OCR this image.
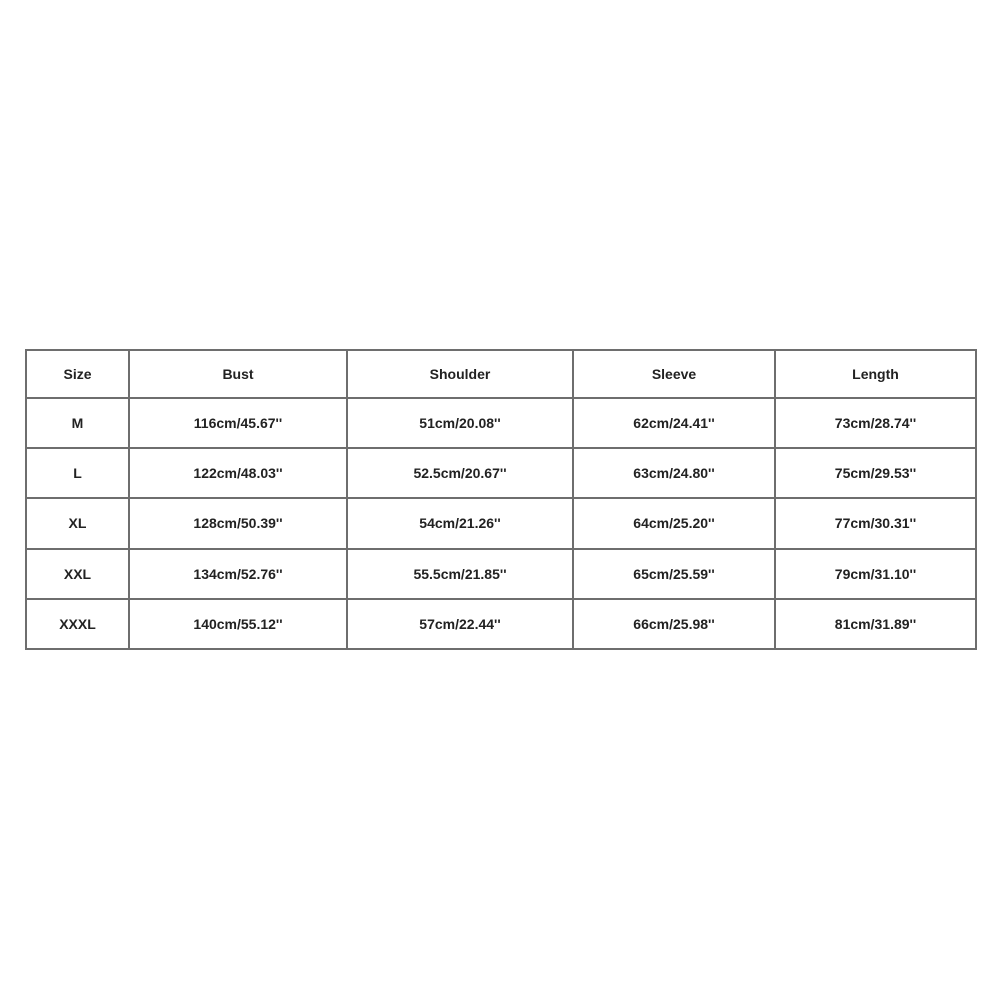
Size	Bust	Shoulder	Sleeve	Length
M	116cm/45.67''	51cm/20.08''	62cm/24.41''	73cm/28.74''
L	122cm/48.03''	52.5cm/20.67''	63cm/24.80''	75cm/29.53''
XL	128cm/50.39''	54cm/21.26''	64cm/25.20''	77cm/30.31''
XXL	134cm/52.76''	55.5cm/21.85''	65cm/25.59''	79cm/31.10''
XXXL	140cm/55.12''	57cm/22.44''	66cm/25.98''	81cm/31.89''
